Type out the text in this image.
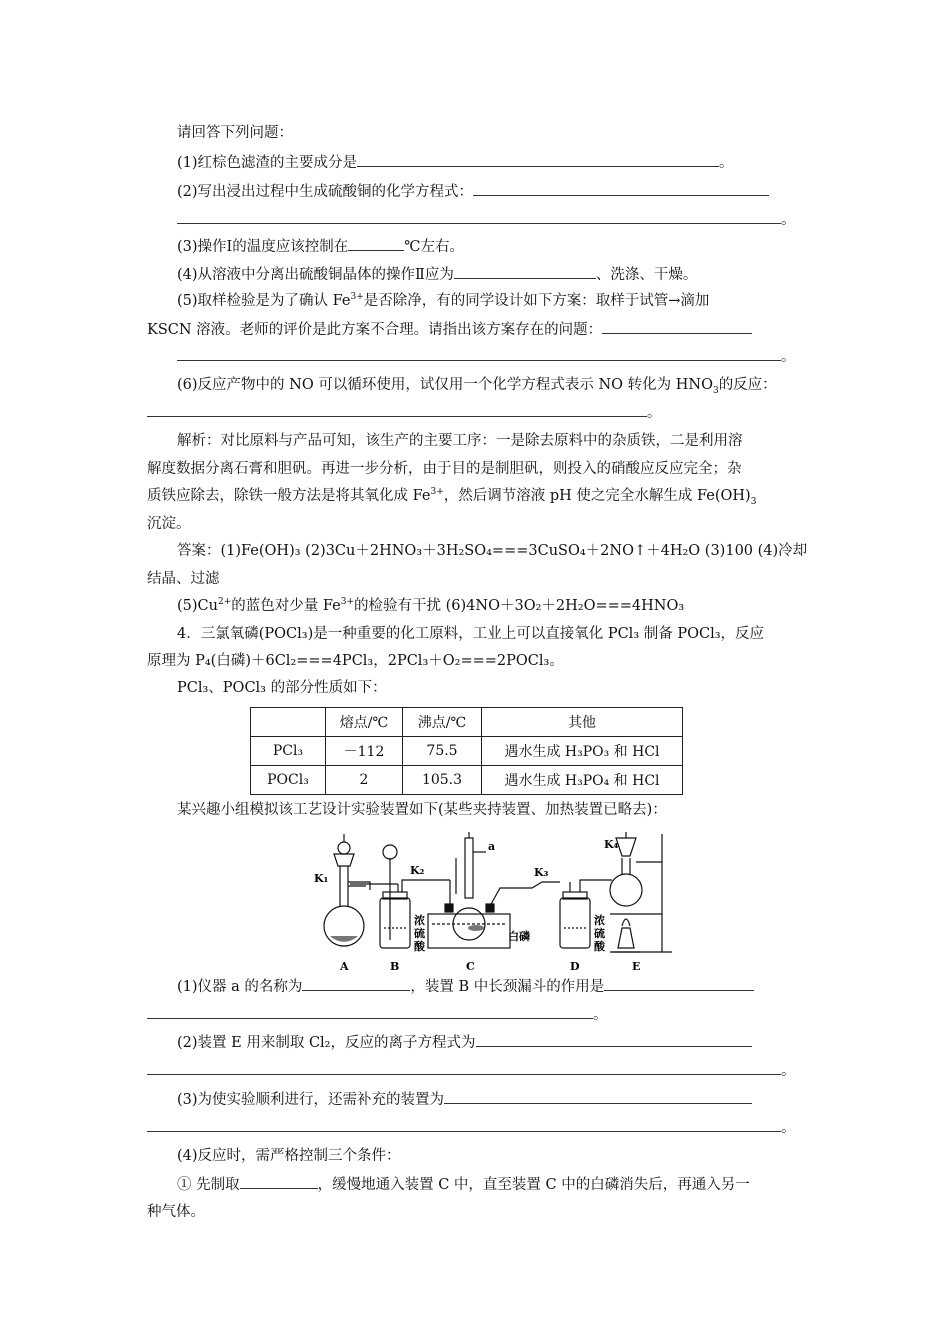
请回答下列问题：
(1)红棕色滤渣的主要成分是	。
(2)写出浸出过程中生成硫酸铜的化学方程式：
。
(3)操作Ⅰ的温度应该控制在	℃左右。
(4)从溶液中分离出硫酸铜晶体的操作Ⅱ应为	、洗涤、干燥。
(5)取样检验是为了确认 $Fe^{3+}$是否除净，有的同学设计如下方案：取样于试管→滴加
KSCN 溶液。老师的评价是此方案不合理。请指出该方案存在的问题：
。
(6)反应产物中的 NO 可以循环使用，试仅用一个化学方程式表示 NO 转化为 $HNO_3$的反应：
。
解析：对比原料与产品可知，该生产的主要工序：一是除去原料中的杂质铁，二是利用溶
解度数据分离石膏和胆矾。再进一步分析，由于目的是制胆矾，则投入的硝酸应反应完全；杂
质铁应除去，除铁一般方法是将其氧化成 $Fe^{3+}$，然后调节溶液 pH 使之完全水解生成 $Fe(OH)_3$
沉淀。
答案：(1)Fe(OH)₃ (2)3Cu＋2HNO₃＋3H₂SO₄===3CuSO₄＋2NO↑＋4H₂O (3)100 (4)冷却
结晶、过滤
$(5)Cu^{2+}$的蓝色对少量 $Fe^{3+}$的检验有干扰 (6)4NO＋3O₂＋2H₂O===4HNO₃
4．三氯氧磷(POCl₃)是一种重要的化工原料，工业上可以直接氧化 PCl₃ 制备 POCl₃，反应
原理为 P₄(白磷)＋6Cl₂===4PCl₃，2PCl₃＋O₂===2POCl₃。
PCl₃、POCl₃ 的部分性质如下：
	熔点/℃	沸点/℃	其他
PCl₃	－112	75.5	遇水生成 H₃PO₃ 和 HCl
POCl₃	2	105.3	遇水生成 H₃PO₄ 和 HCl
某兴趣小组模拟该工艺设计实验装置如下(某些夹持装置、加热装置已略去)：
A	B	C	D	E
K₁
K₂	K₃
K₄
a
白磷
浓
硫
酸
浓
硫
酸
(1)仪器 a 的名称为	，装置 B 中长颈漏斗的作用是
。
(2)装置 E 用来制取 Cl₂，反应的离子方程式为
。
(3)为使实验顺利进行，还需补充的装置为
。
(4)反应时，需严格控制三个条件：
① 先制取	，缓慢地通入装置 C 中，直至装置 C 中的白磷消失后，再通入另一
种气体。
